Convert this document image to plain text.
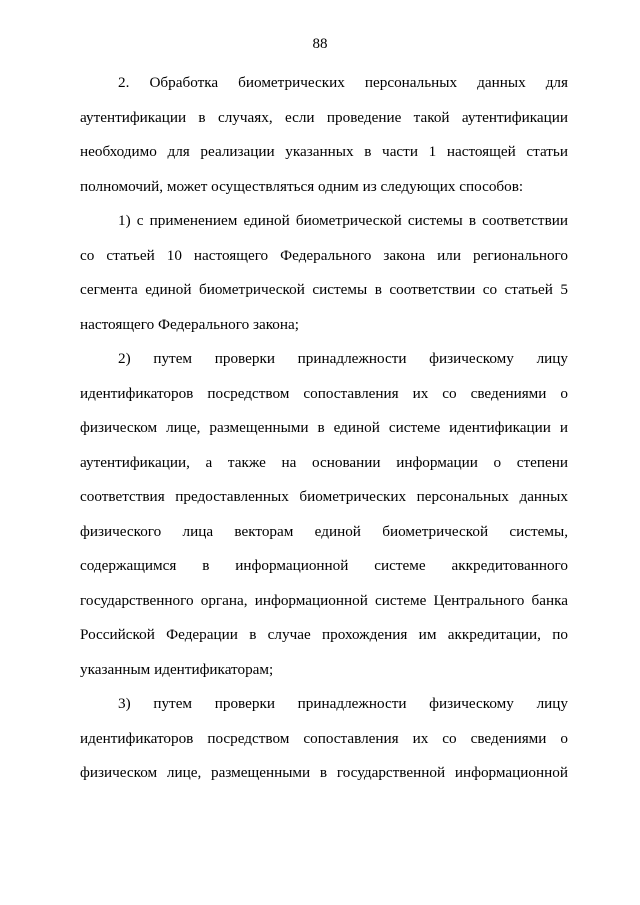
88

2. Обработка биометрических персональных данных для
аутентификации в случаях, если проведение такой аутентификации
необходимо для реализации указанных в части 1 настоящей статьи
полномочий, может осуществляться одним из следующих способов:

1) с применением единой биометрической системы в соответствии
со статьей 10 настоящего Федерального закона или регионального
сегмента единой биометрической системы в соответствии со статьей 5
настоящего Федерального закона;

2) путем проверки принадлежности физическому лицу
идентификаторов посредством сопоставления их со сведениями о
физическом лице, размещенными в единой системе идентификации и
аутентификации, а также на основании информации о степени
соответствия предоставленных биометрических персональных данных
физического лица векторам единой биометрической системы,
содержащимся в информационной системе аккредитованного
государственного органа, информационной системе Центрального банка
Российской Федерации в случае прохождения им аккредитации, по
указанным идентификаторам;

3) путем проверки принадлежности физическому лицу
идентификаторов посредством сопоставления их со сведениями о
физическом лице, размещенными в государственной информационной
